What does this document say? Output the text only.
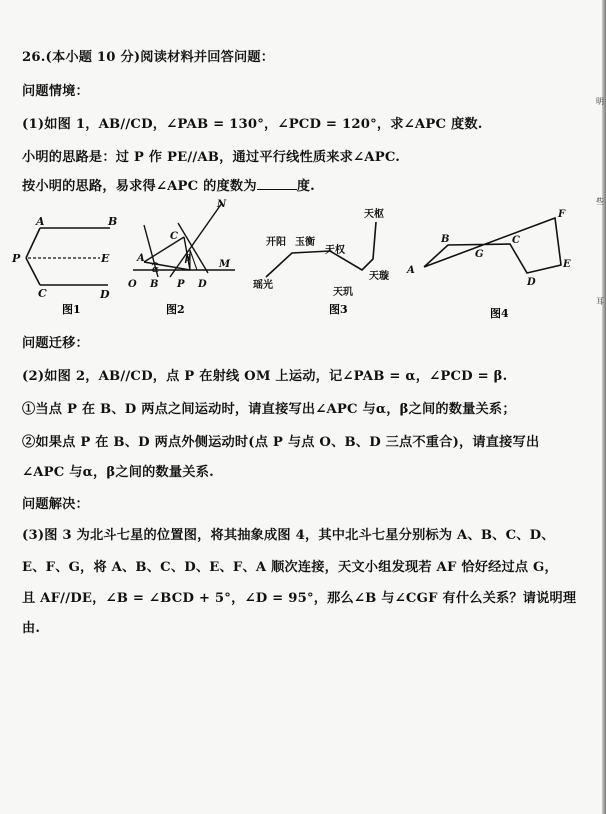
26.(本小题 10 分)阅读材料并回答问题：
问题情境：
(1)如图 1，AB//CD，∠PAB = 130°，∠PCD = 120°，求∠APC 度数.
小明的思路是：过 P 作 PE//AB，通过平行线性质来求∠APC.
按小明的思路，易求得∠APC 的度数为	度.
A	B
P	E
C	D
图1
N
C
A
α
β	M
O B P D
图2
天枢
开阳 玉衡
天权
天璇
瑶光
天玑
图3
A
B
G
C
D
E
F
图4
问题迁移：
(2)如图 2，AB//CD，点 P 在射线 OM 上运动，记∠PAB = α，∠PCD = β.
①当点 P 在 B、D 两点之间运动时，请直接写出∠APC 与α，β之间的数量关系；
②如果点 P 在 B、D 两点外侧运动时(点 P 与点 O、B、D 三点不重合)，请直接写出
∠APC 与α，β之间的数量关系.
问题解决：
(3)图 3 为北斗七星的位置图，将其抽象成图 4，其中北斗七星分别标为 A、B、C、D、
E、F、G，将 A、B、C、D、E、F、A 顺次连接，天文小组发现若 AF 恰好经过点 G，
且 AF//DE，∠B = ∠BCD + 5°，∠D = 95°，那么∠B 与∠CGF 有什么关系？请说明理
由.
明
些
耳
